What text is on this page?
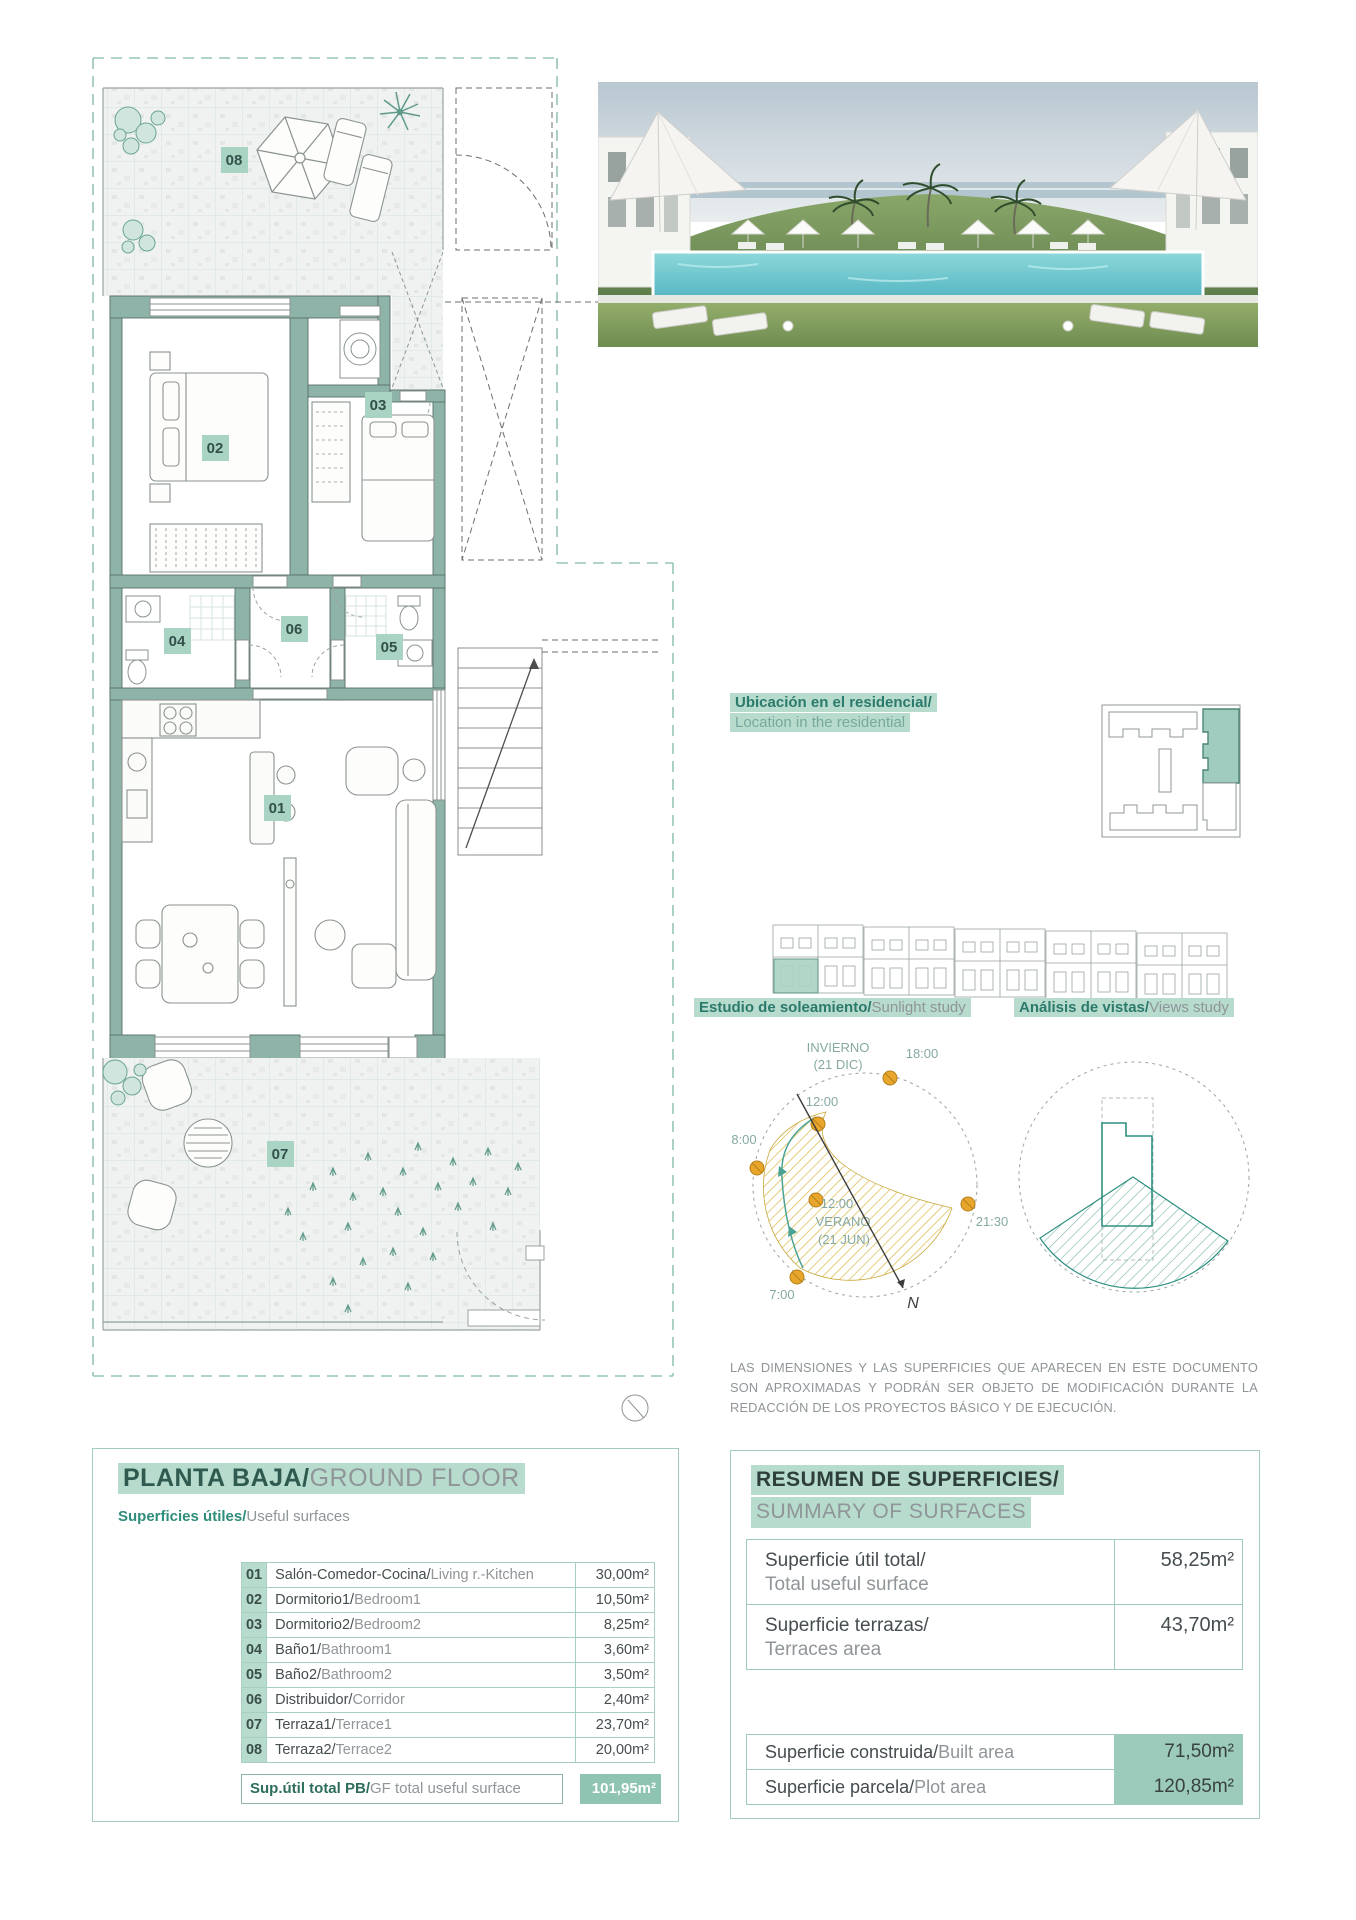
08
02
03
04
06
05
01
07
Ubicación en el residencial/
Location in the residential
Estudio de soleamiento/Sunlight study	Análisis de vistas/Views study
INVIERNO
(21 DIC)
12:00
18:00
8:00
12:00
VERANO
(21 JUN)
21:30
7:00
N
LAS DIMENSIONES Y LAS SUPERFICIES QUE APARECEN EN ESTE DOCUMENTO SON APROXIMADAS Y PODRÁN SER OBJETO DE MODIFICACIÓN DURANTE LA REDACCIÓN DE LOS PROYECTOS BÁSICO Y DE EJECUCIÓN.
PLANTA BAJA/GROUND FLOOR
Superficies útiles/Useful surfaces
01 Salón-Comedor-Cocina/Living r.-Kitchen	30,00m²
02 Dormitorio1/Bedroom1	10,50m²
03 Dormitorio2/Bedroom2	8,25m²
04 Baño1/Bathroom1	3,60m²
05 Baño2/Bathroom2	3,50m²
06 Distribuidor/Corridor	2,40m²
07 Terraza1/Terrace1	23,70m²
08 Terraza2/Terrace2	20,00m²
Sup.útil total PB/GF total useful surface	101,95m²
RESUMEN DE SUPERFICIES/
SUMMARY OF SURFACES
Superficie útil total/
Total useful surface
58,25m²
Superficie terrazas/
Terraces area
43,70m²
Superficie construida/Built area	71,50m²
Superficie parcela/Plot area	120,85m²
